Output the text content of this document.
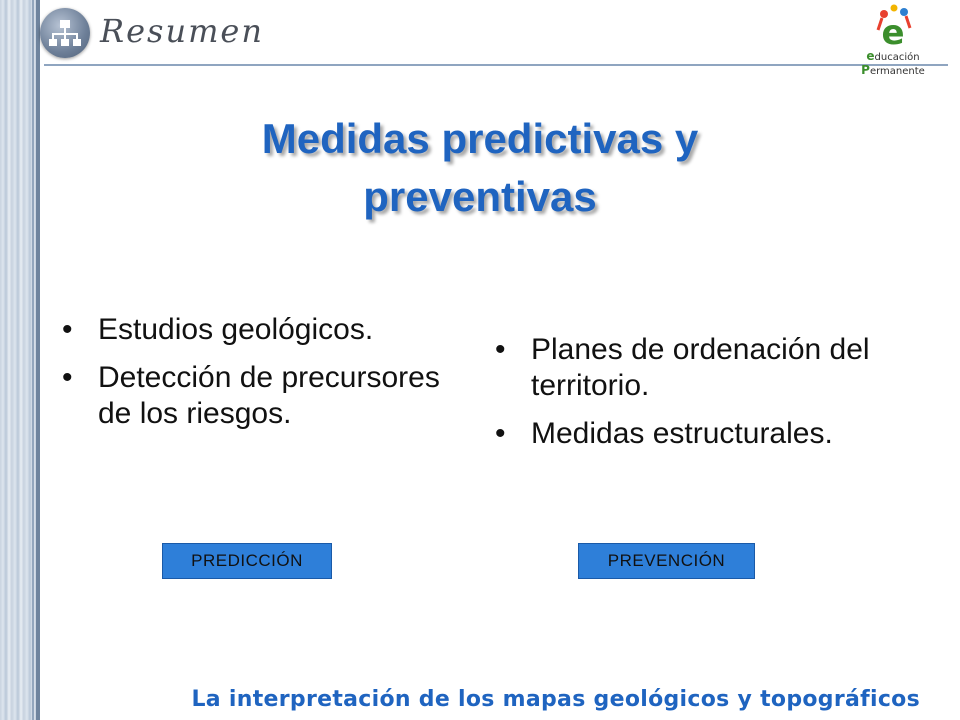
Resumen	e
educación Permanente
Medidas predictivas y
preventivas
• Estudios geológicos.
• Detección de precursores de los riesgos.
• Planes de ordenación del territorio.
• Medidas estructurales.
PREDICCIÓN	PREVENCIÓN
La interpretación de los mapas geológicos y topográficos
